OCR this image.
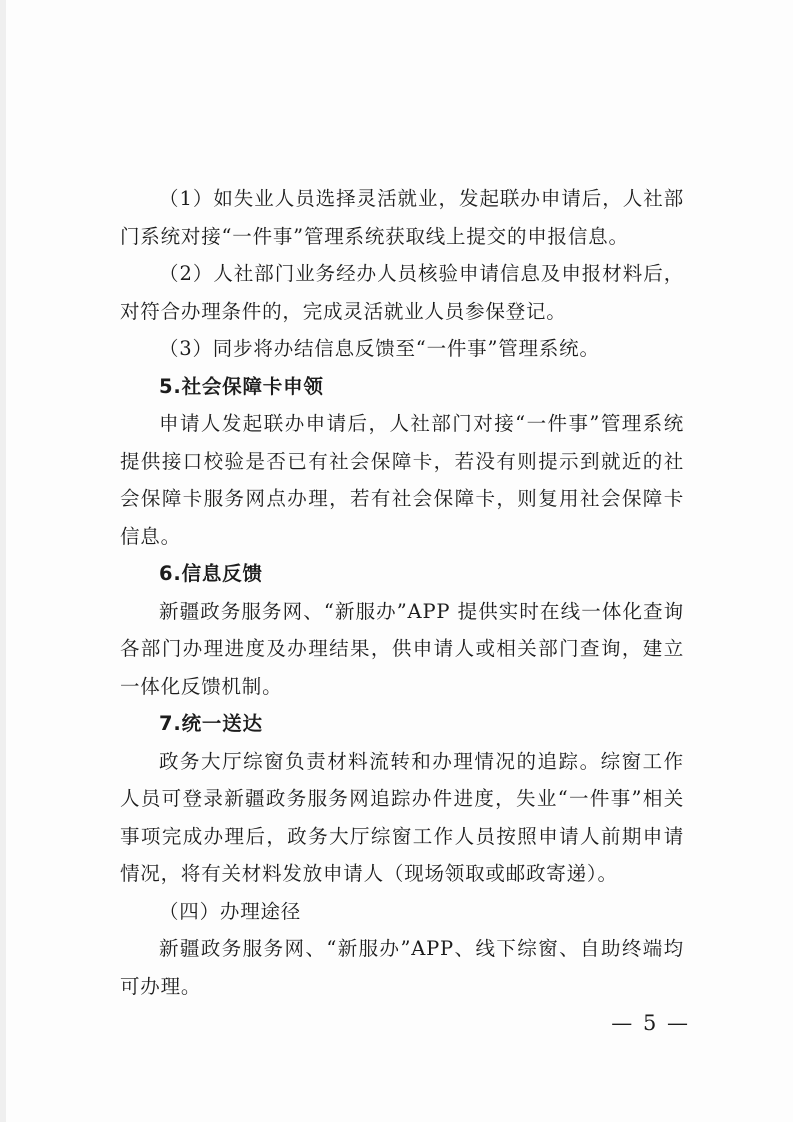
（1）如失业人员选择灵活就业，发起联办申请后，人社部门系统对接“一件事”管理系统获取线上提交的申报信息。

（2）人社部门业务经办人员核验申请信息及申报材料后，对符合办理条件的，完成灵活就业人员参保登记。

（3）同步将办结信息反馈至“一件事”管理系统。

5.社会保障卡申领

申请人发起联办申请后，人社部门对接“一件事”管理系统提供接口校验是否已有社会保障卡，若没有则提示到就近的社会保障卡服务网点办理，若有社会保障卡，则复用社会保障卡信息。

6.信息反馈

新疆政务服务网、“新服办”APP 提供实时在线一体化查询各部门办理进度及办理结果，供申请人或相关部门查询，建立一体化反馈机制。

7.统一送达

政务大厅综窗负责材料流转和办理情况的追踪。综窗工作人员可登录新疆政务服务网追踪办件进度，失业“一件事”相关事项完成办理后，政务大厅综窗工作人员按照申请人前期申请情况，将有关材料发放申请人（现场领取或邮政寄递）。

（四）办理途径

新疆政务服务网、“新服办”APP、线下综窗、自助终端均可办理。

— 5 —
